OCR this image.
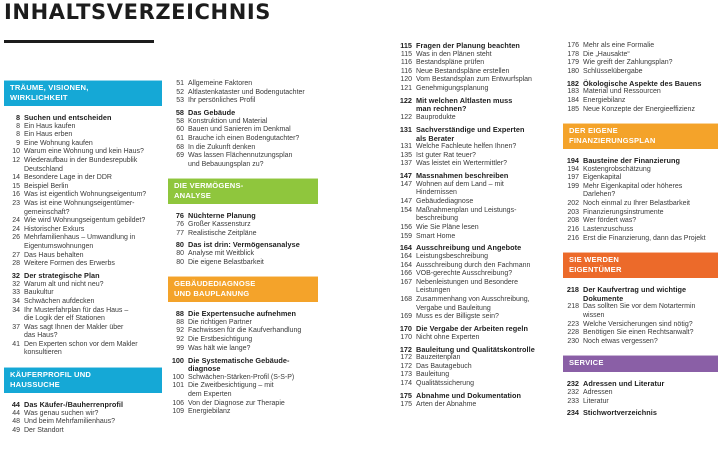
INHALTSVERZEICHNIS
TRÄUME, VISIONEN,
WIRKLICHKEIT
8 Suchen und entscheiden
8 Ein Haus kaufen
8 Ein Haus erben
9 Eine Wohnung kaufen
10 Warum eine Wohnung und kein Haus?
12 Wiederaufbau in der Bundesrepublik
Deutschland
14 Besondere Lage in der DDR
15 Beispiel Berlin
16 Was ist eigentlich Wohnungseigentum?
23 Was ist eine Wohnungseigentümer-
gemeinschaft?
24 Wie wird Wohnungseigentum gebildet?
24 Historischer Exkurs
26 Mehrfamilienhaus – Umwandlung in
Eigentumswohnungen
27 Das Haus behalten
28 Weitere Formen des Erwerbs
32 Der strategische Plan
32 Warum alt und nicht neu?
33 Baukultur
34 Schwächen aufdecken
34 Ihr Musterfahrplan für das Haus –
die Logik der elf Stationen
37 Was sagt Ihnen der Makler über
das Haus?
41 Den Experten schon vor dem Makler
konsultieren
KÄUFERPROFIL UND
HAUSSUCHE
44 Das Käufer-/Bauherrenprofil
44 Was genau suchen wir?
48 Und beim Mehrfamilienhaus?
49 Der Standort
51 Allgemeine Faktoren
52 Altlastenkataster und Bodengutachter
53 Ihr persönliches Profil
58 Das Gebäude
58 Konstruktion und Material
60 Bauen und Sanieren im Denkmal
61 Brauche ich einen Bodengutachter?
68 In die Zukunft denken
69 Was lassen Flächennutzungsplan
und Bebauungsplan zu?
DIE VERMÖGENS-
ANALYSE
76 Nüchterne Planung
76 Großer Kassensturz
77 Realistische Zeitpläne
80 Das ist drin: Vermögensanalyse
80 Analyse mit Weitblick
80 Die eigene Belastbarkeit
GEBÄUDEDIAGNOSE
UND BAUPLANUNG
88 Die Expertensuche aufnehmen
88 Die richtigen Partner
92 Fachwissen für die Kaufverhandlung
92 Die Erstbesichtigung
99 Was hält wie lange?
100 Die Systematische Gebäude-
diagnose
100 Schwächen-Stärken-Profil (S-S-P)
101 Die Zweitbesichtigung – mit
dem Experten
106 Von der Diagnose zur Therapie
109 Energiebilanz
115 Fragen der Planung beachten
115 Was in den Plänen steht
116 Bestandspläne prüfen
116 Neue Bestandspläne erstellen
120 Vom Bestandsplan zum Entwurfsplan
121 Genehmigungsplanung
122 Mit welchen Altlasten muss
man rechnen?
122 Bauprodukte
131 Sachverständige und Experten
als Berater
131 Welche Fachleute helfen Ihnen?
135 Ist guter Rat teuer?
137 Was leistet ein Wertermittler?
147 Massnahmen beschreiben
147 Wohnen auf dem Land – mit
Hindernissen
147 Gebäudediagnose
154 Maßnahmenplan und Leistungs-
beschreibung
156 Wie Sie Pläne lesen
159 Smart Home
164 Ausschreibung und Angebote
164 Leistungsbeschreibung
164 Ausschreibung durch den Fachmann
166 VOB-gerechte Ausschreibung?
167 Nebenleistungen und Besondere
Leistungen
168 Zusammenhang von Ausschreibung,
Vergabe und Bauleitung
169 Muss es der Billigste sein?
170 Die Vergabe der Arbeiten regeln
170 Nicht ohne Experten
172 Bauleitung und Qualitätskontrolle
172 Bauzeitenplan
172 Das Bautagebuch
173 Bauleitung
174 Qualitätssicherung
175 Abnahme und Dokumentation
175 Arten der Abnahme
176 Mehr als eine Formalie
178 Die „Hausakte“
179 Wie greift der Zahlungsplan?
180 Schlüsselübergabe
182 Ökologische Aspekte des Bauens
183 Material und Ressourcen
184 Energiebilanz
185 Neue Konzepte der Energieeffizienz
DER EIGENE
FINANZIERUNGSPLAN
194 Bausteine der Finanzierung
194 Kostengrobschätzung
197 Eigenkapital
199 Mehr Eigenkapital oder höheres
Darlehen?
202 Noch einmal zu Ihrer Belastbarkeit
203 Finanzierungsinstrumente
208 Wer fördert was?
216 Lastenzuschuss
216 Erst die Finanzierung, dann das Projekt
SIE WERDEN
EIGENTÜMER
218 Der Kaufvertrag und wichtige
Dokumente
218 Das sollten Sie vor dem Notartermin
wissen
223 Welche Versicherungen sind nötig?
228 Benötigen Sie einen Rechtsanwalt?
230 Noch etwas vergessen?
SERVICE
232 Adressen und Literatur
232 Adressen
233 Literatur
234 Stichwortverzeichnis
